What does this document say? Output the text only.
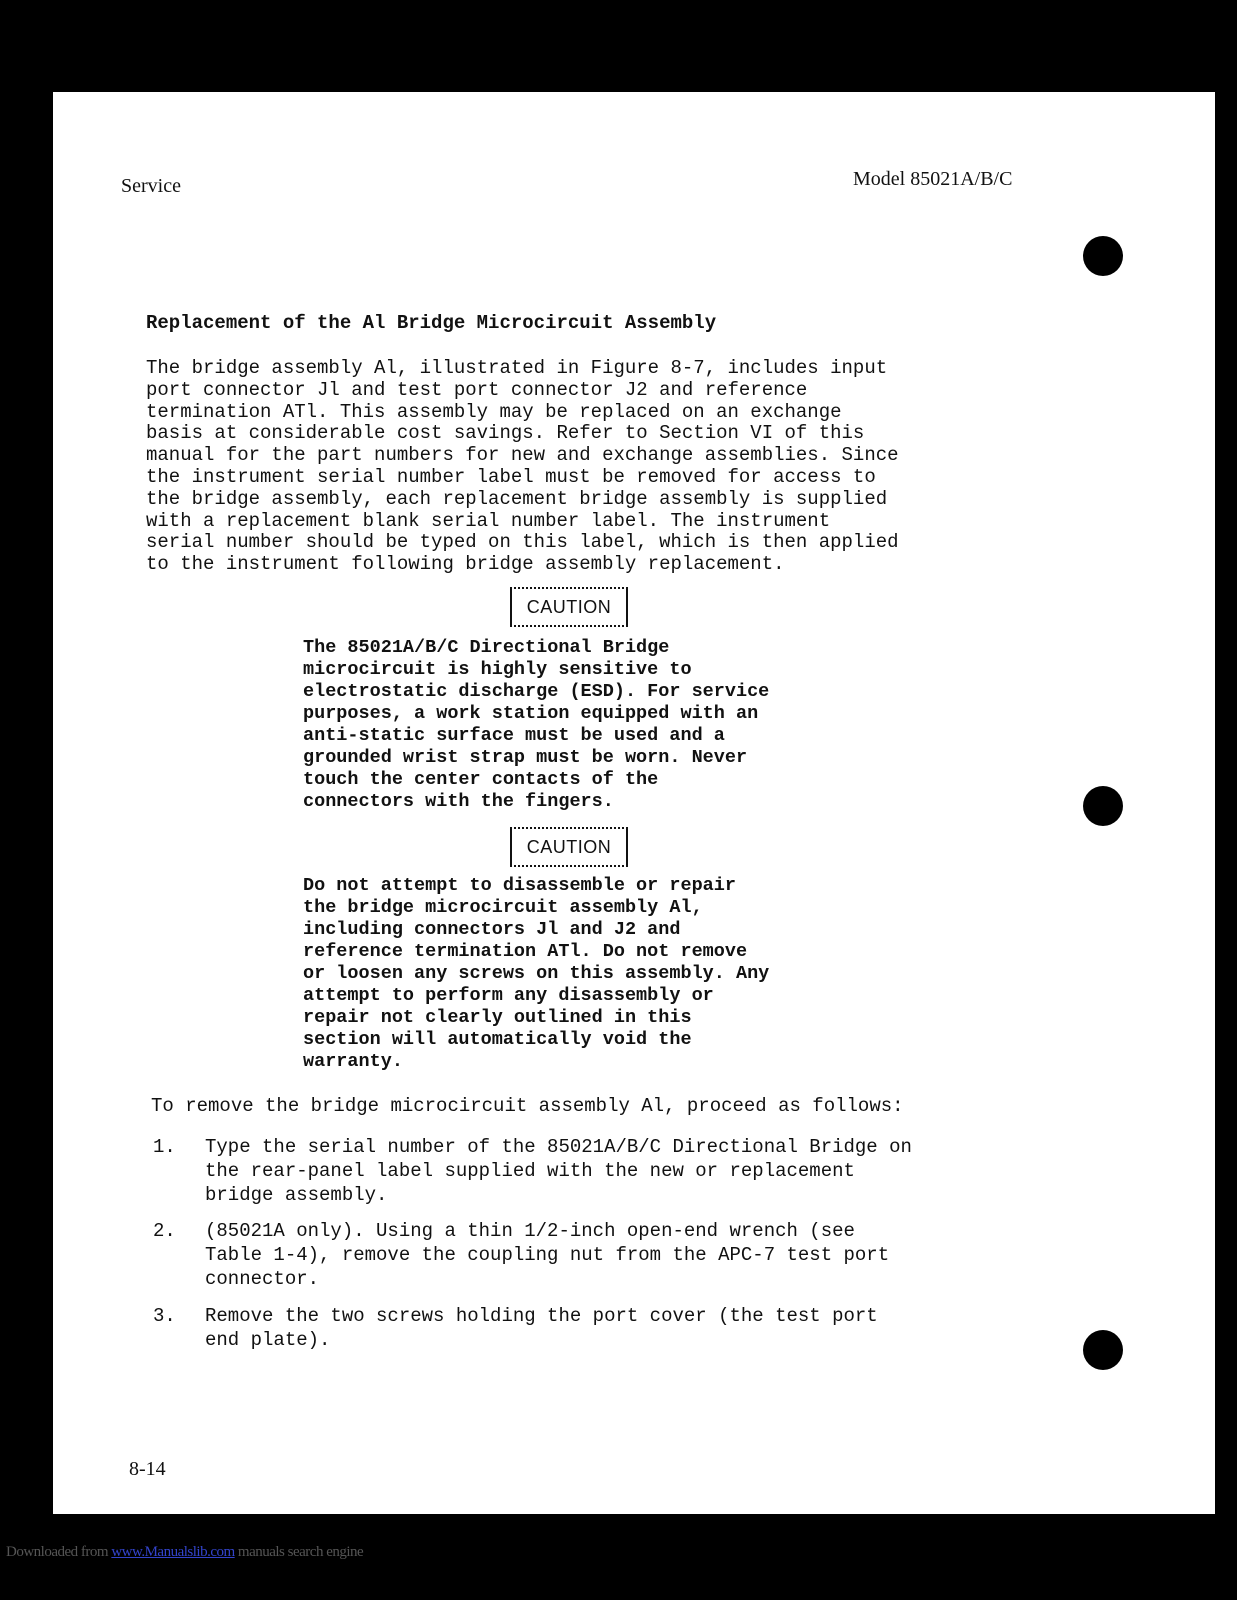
Service	Model 85021A/B/C
Replacement of the Al Bridge Microcircuit Assembly

The bridge assembly Al, illustrated in Figure 8-7, includes input
port connector Jl and test port connector J2 and reference
termination ATl. This assembly may be replaced on an exchange
basis at considerable cost savings. Refer to Section VI of this
manual for the part numbers for new and exchange assemblies. Since
the instrument serial number label must be removed for access to
the bridge assembly, each replacement bridge assembly is supplied
with a replacement blank serial number label. The instrument
serial number should be typed on this label, which is then applied
to the instrument following bridge assembly replacement.

CAUTION

The 85021A/B/C Directional Bridge
microcircuit is highly sensitive to
electrostatic discharge (ESD). For service
purposes, a work station equipped with an
anti-static surface must be used and a
grounded wrist strap must be worn. Never
touch the center contacts of the
connectors with the fingers.

CAUTION

Do not attempt to disassemble or repair
the bridge microcircuit assembly Al,
including connectors Jl and J2 and
reference termination ATl. Do not remove
or loosen any screws on this assembly. Any
attempt to perform any disassembly or
repair not clearly outlined in this
section will automatically void the
warranty.

To remove the bridge microcircuit assembly Al, proceed as follows:
1.	Type the serial number of the 85021A/B/C Directional Bridge on
the rear-panel label supplied with the new or replacement
bridge assembly.
2.	(85021A only). Using a thin 1/2-inch open-end wrench (see
Table 1-4), remove the coupling nut from the APC-7 test port
connector.
3.	Remove the two screws holding the port cover (the test port
end plate).
8-14
Downloaded from www.Manualslib.com manuals search engine
